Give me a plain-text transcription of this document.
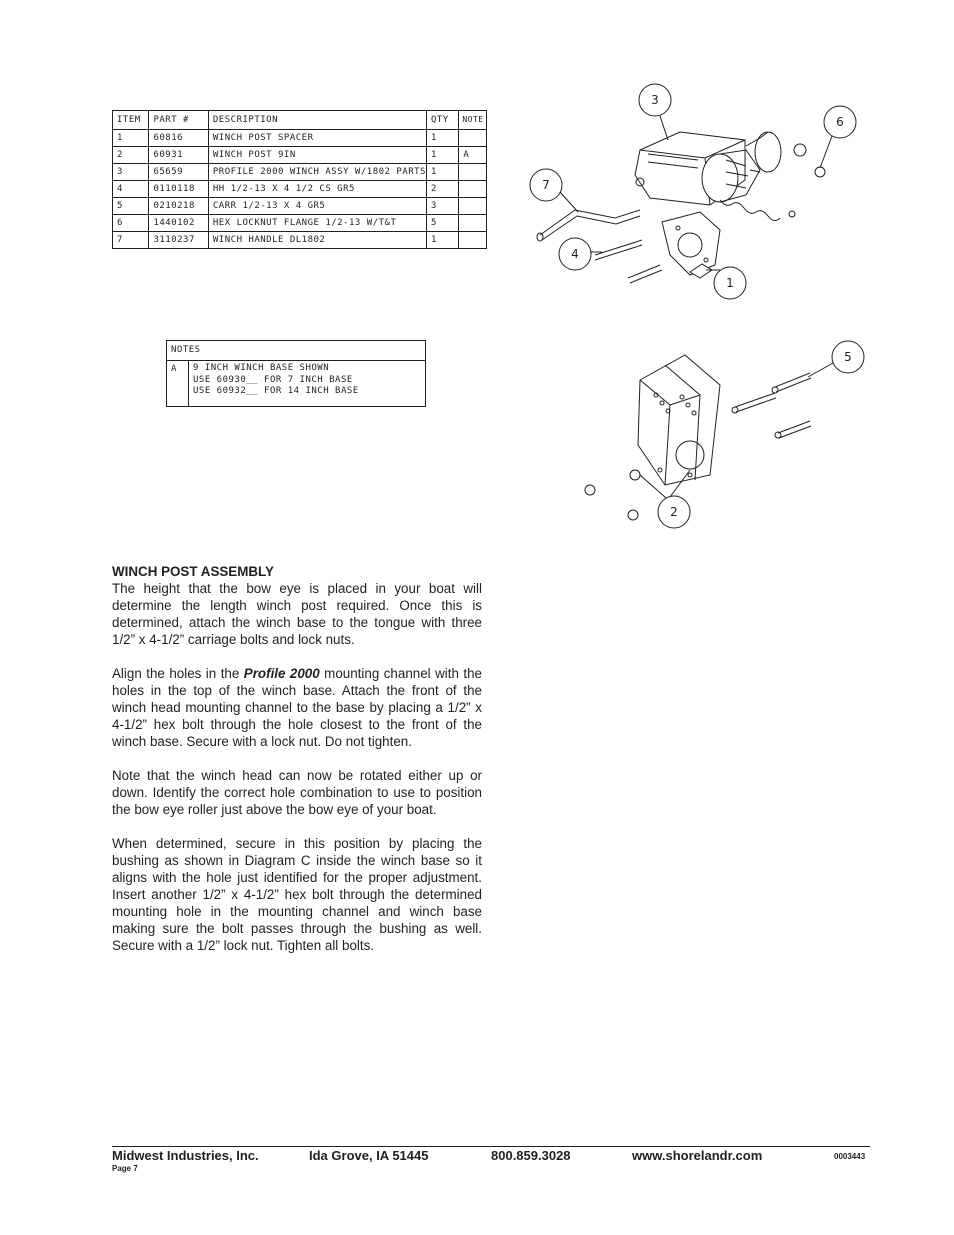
ITEM	PART #	DESCRIPTION	QTY	NOTE
1	60816	WINCH POST SPACER	1	
2	60931	WINCH POST 9IN	1	A
3	65659	PROFILE 2000 WINCH ASSY W/1802 PARTS	1	
4	0110118	HH 1/2-13 X 4 1/2 CS GR5	2	
5	0210218	CARR 1/2-13 X 4 GR5	3	
6	1440102	HEX LOCKNUT FLANGE 1/2-13 W/T&T	5	
7	3110237	WINCH HANDLE DL1802	1	
NOTES
A	9 INCH WINCH BASE SHOWN
USE 60930__ FOR 7 INCH BASE
USE 60932__ FOR 14 INCH BASE
3
6
7
4
1
5
2
WINCH POST ASSEMBLY

The height that the bow eye is placed in your boat will determine the length winch post required. Once this is determined, attach the winch base to the tongue with three 1/2” x 4-1/2” carriage bolts and lock nuts.

Align the holes in the Profile 2000 mounting channel with the holes in the top of the winch base. Attach the front of the winch head mounting channel to the base by placing a 1/2” x 4-1/2” hex bolt through the hole closest to the front of the winch base. Secure with a lock nut. Do not tighten.

Note that the winch head can now be rotated either up or down. Identify the correct hole combination to use to position the bow eye roller just above the bow eye of your boat.

When determined, secure in this position by placing the bushing as shown in Diagram C inside the winch base so it aligns with the hole just identified for the proper adjustment. Insert another 1/2” x 4-1/2” hex bolt through the determined mounting hole in the mounting channel and winch base making sure the bolt passes through the bushing as well. Secure with a 1/2” lock nut. Tighten all bolts.

Midwest Industries, Inc.	Ida Grove, IA 51445	800.859.3028	www.shorelandr.com	0003443
Page 7
